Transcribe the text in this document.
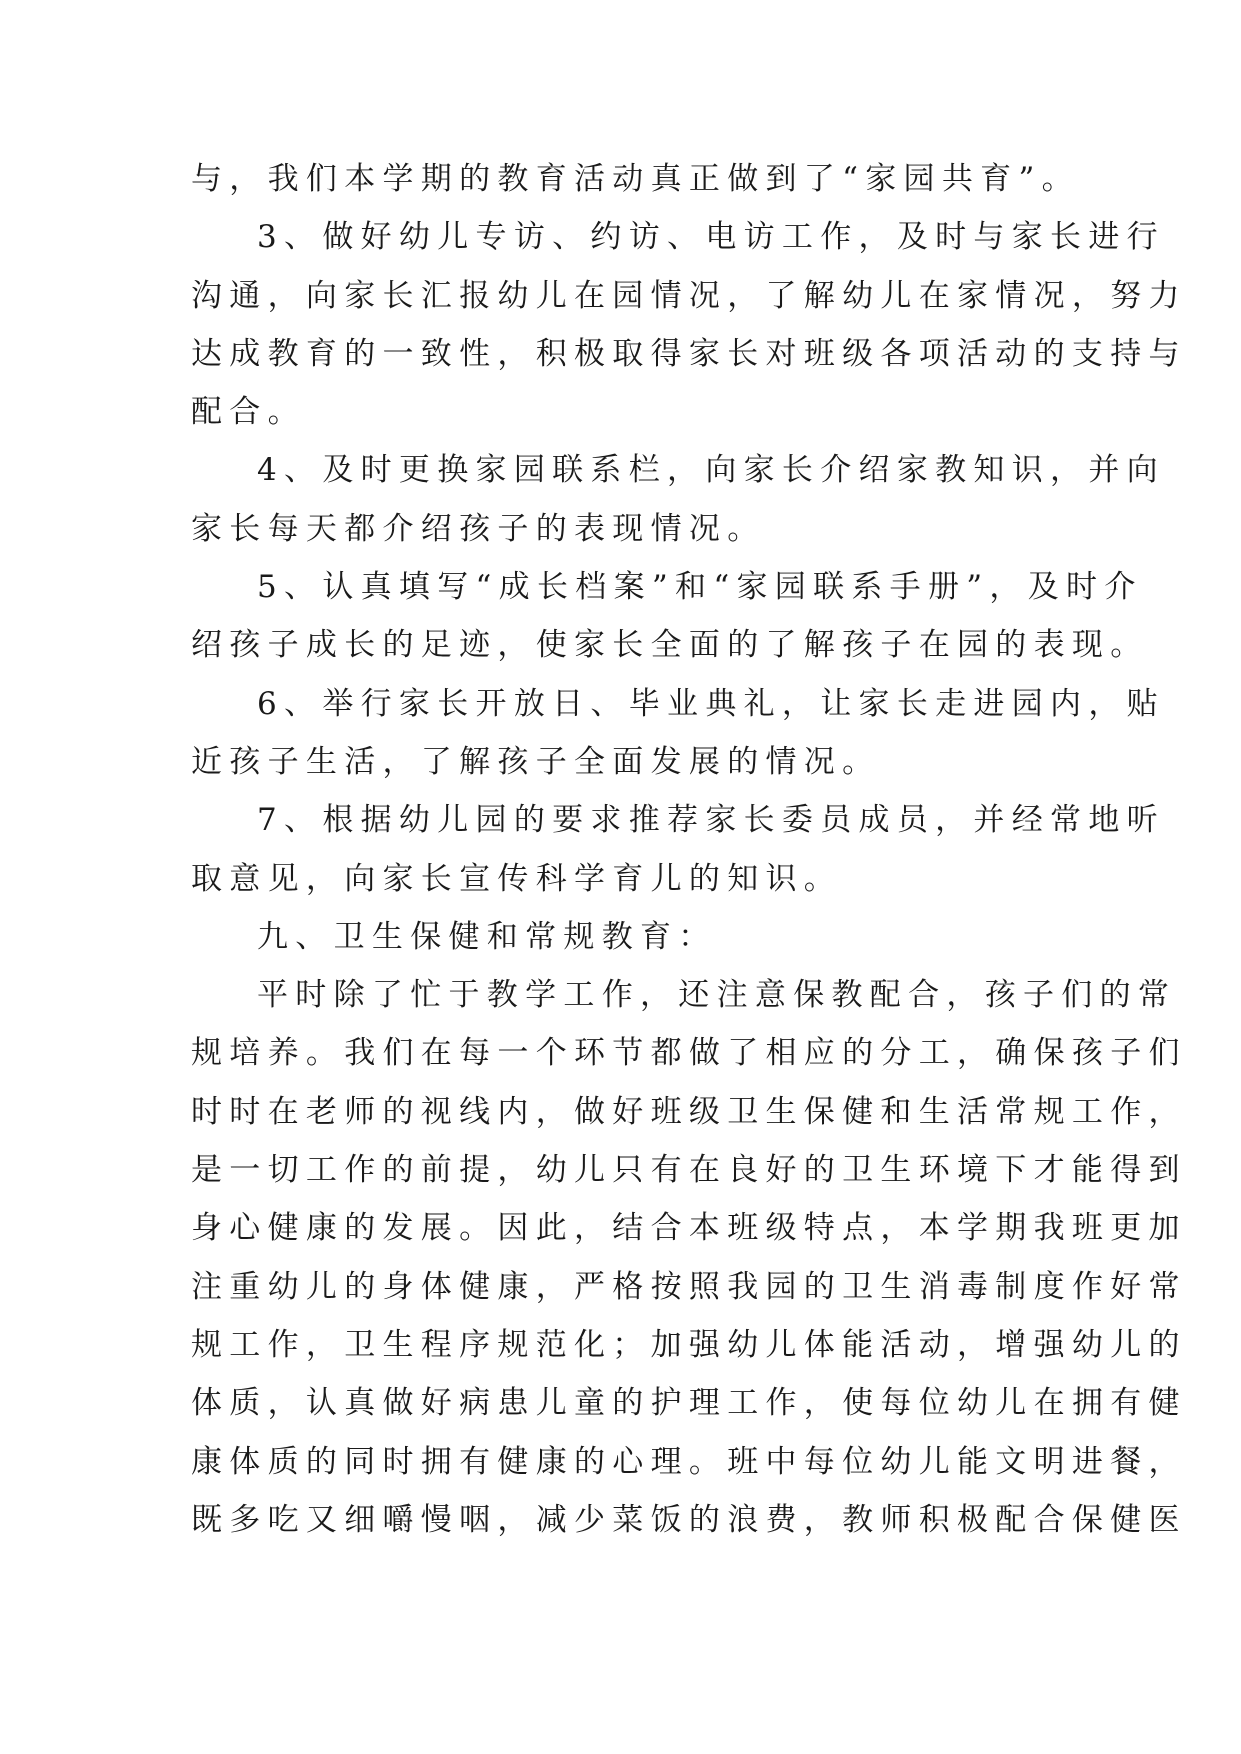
与，我们本学期的教育活动真正做到了“家园共育”。
3、做好幼儿专访、约访、电访工作，及时与家长进行
沟通，向家长汇报幼儿在园情况，了解幼儿在家情况，努力
达成教育的一致性，积极取得家长对班级各项活动的支持与
配合。
4、及时更换家园联系栏，向家长介绍家教知识，并向
家长每天都介绍孩子的表现情况。
5、认真填写“成长档案”和“家园联系手册”，及时介
绍孩子成长的足迹，使家长全面的了解孩子在园的表现。
6、举行家长开放日、毕业典礼，让家长走进园内，贴
近孩子生活，了解孩子全面发展的情况。
7、根据幼儿园的要求推荐家长委员成员，并经常地听
取意见，向家长宣传科学育儿的知识。
九、卫生保健和常规教育：
平时除了忙于教学工作，还注意保教配合，孩子们的常
规培养。我们在每一个环节都做了相应的分工，确保孩子们
时时在老师的视线内，做好班级卫生保健和生活常规工作，
是一切工作的前提，幼儿只有在良好的卫生环境下才能得到
身心健康的发展。因此，结合本班级特点，本学期我班更加
注重幼儿的身体健康，严格按照我园的卫生消毒制度作好常
规工作，卫生程序规范化；加强幼儿体能活动，增强幼儿的
体质，认真做好病患儿童的护理工作，使每位幼儿在拥有健
康体质的同时拥有健康的心理。班中每位幼儿能文明进餐，
既多吃又细嚼慢咽，减少菜饭的浪费，教师积极配合保健医
